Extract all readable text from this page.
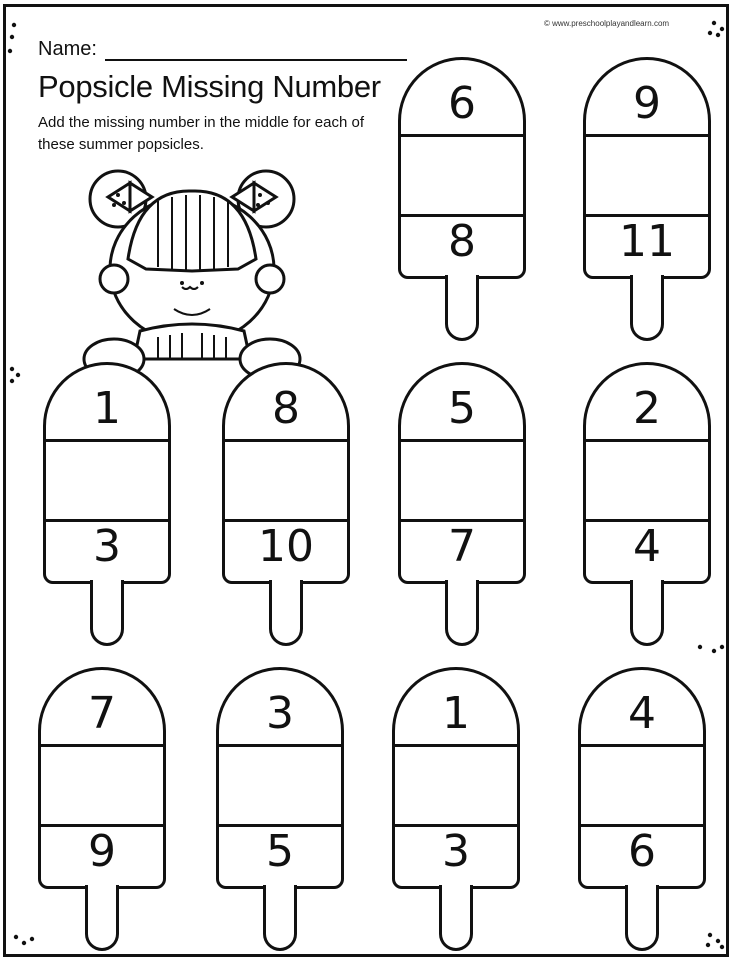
© www.preschoolplayandlearn.com
Name:
Popsicle Missing Number

Add the missing number in the middle for each of these summer popsicles.

6
8
9
11
1
3
8
10
5
7
2
4
7
9
3
5
1
3
4
6
